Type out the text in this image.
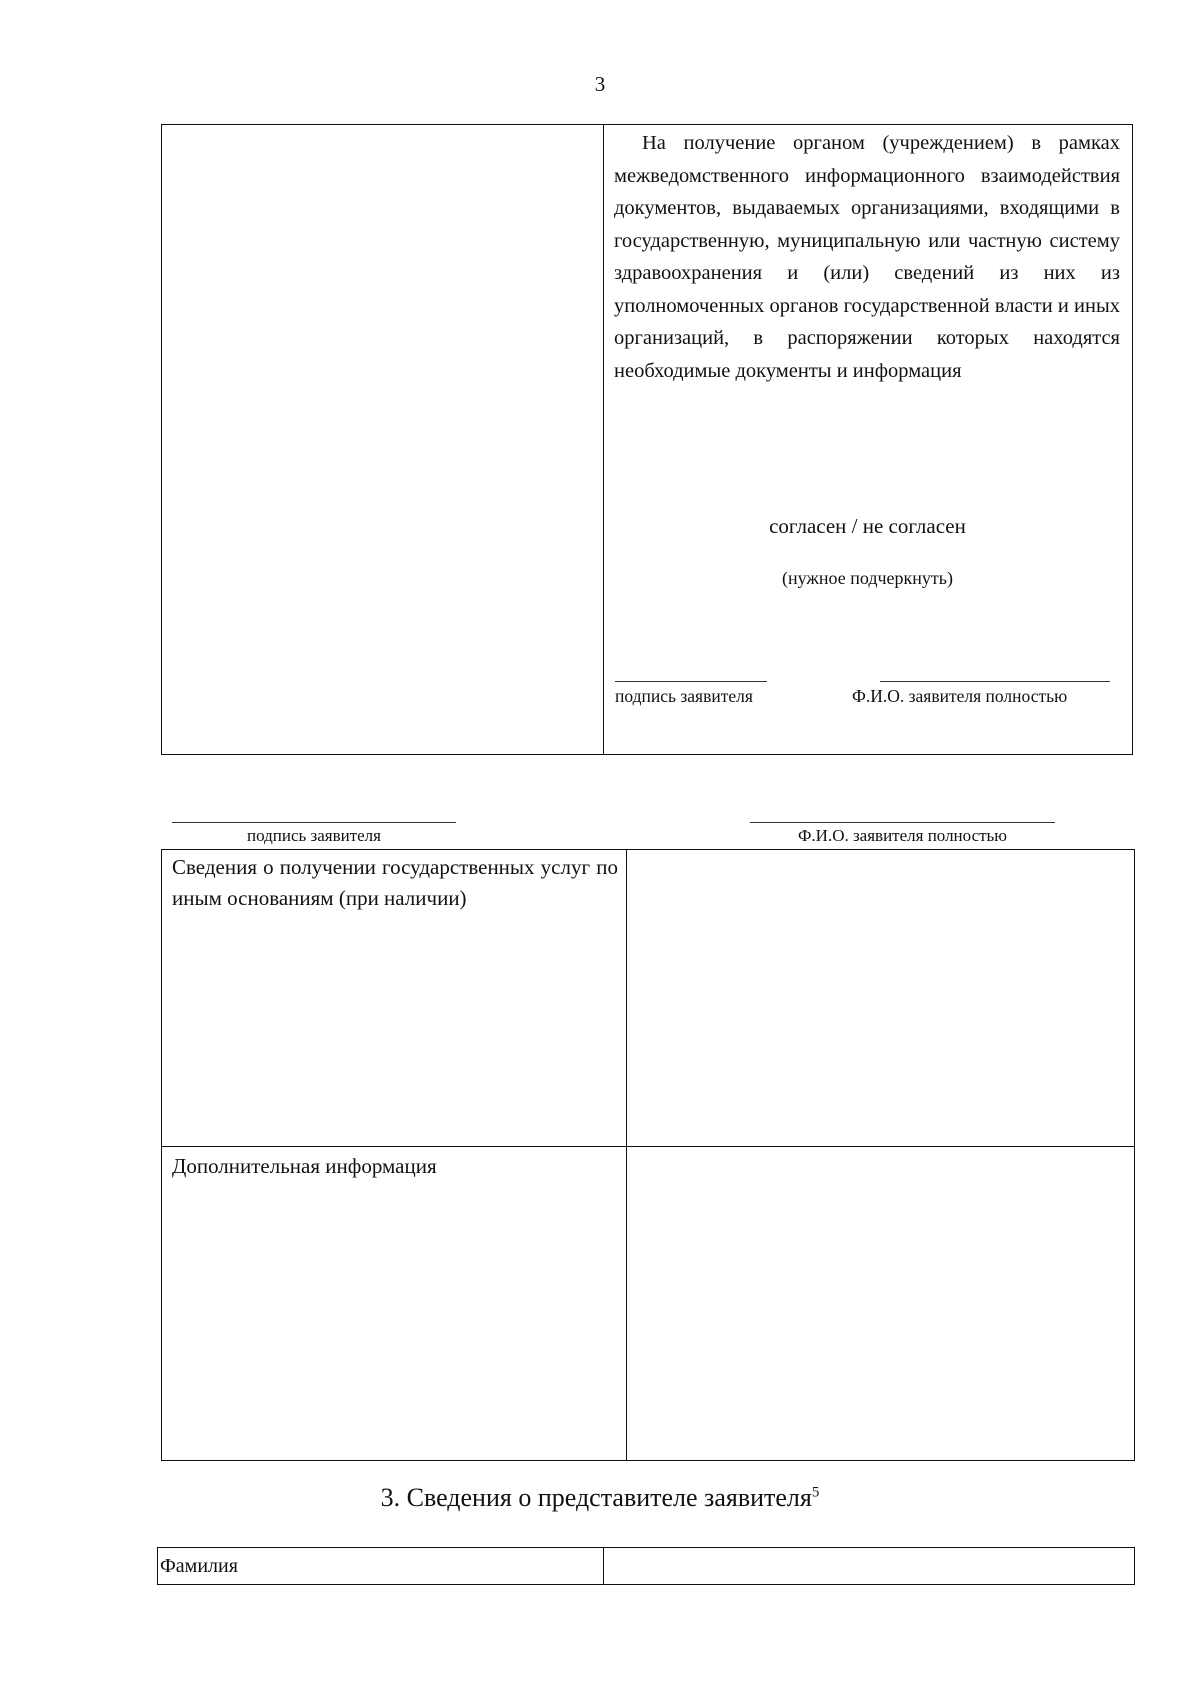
3
На получение органом (учреждением) в рамках межведомственного информационного взаимодействия документов, выдаваемых организациями, входящими в государственную, муниципальную или частную систему здравоохранения и (или) сведений из них из уполномоченных органов государственной власти и иных организаций, в распоряжении которых находятся необходимые документы и информация
согласен / не согласен
(нужное подчеркнуть)
подпись заявителя	Ф.И.О. заявителя полностью
подпись заявителя	Ф.И.О. заявителя полностью
Сведения о получении государственных услуг по иным основаниям (при наличии)
Дополнительная информация
3. Сведения о представителе заявителя$^5$
Фамилия
